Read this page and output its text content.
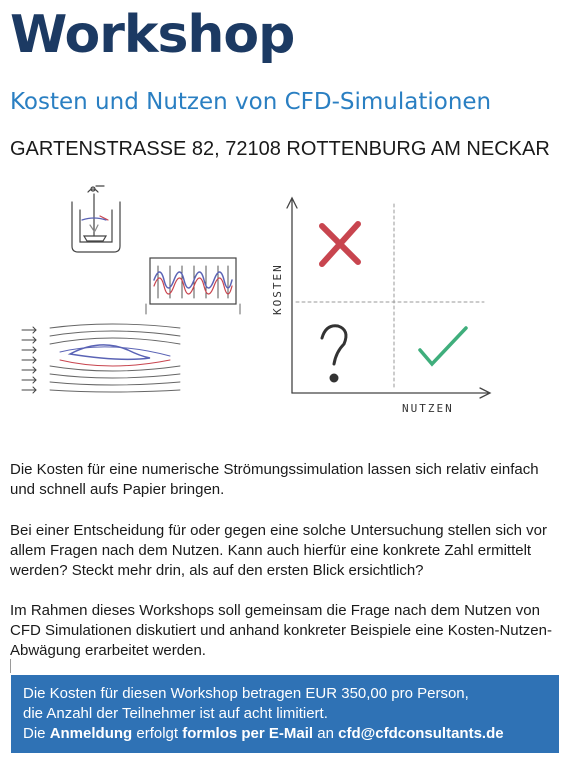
Workshop
Kosten und Nutzen von CFD-Simulationen
GARTENSTRASSE 82, 72108 ROTTENBURG AM NECKAR
KOSTEN
NUTZEN

Die Kosten für eine numerische Strömungssimulation lassen sich relativ einfach und schnell aufs Papier bringen.

Bei einer Entscheidung für oder gegen eine solche Untersuchung stellen sich vor allem Fragen nach dem Nutzen. Kann auch hierfür eine konkrete Zahl ermittelt werden? Steckt mehr drin, als auf den ersten Blick ersichtlich?

Im Rahmen dieses Workshops soll gemeinsam die Frage nach dem Nutzen von CFD Simulationen diskutiert und anhand konkreter Beispiele eine Kosten-Nutzen-Abwägung erarbeitet werden.

Die Kosten für diesen Workshop betragen EUR 350,00 pro Person,
die Anzahl der Teilnehmer ist auf acht limitiert.
Die Anmeldung erfolgt formlos per E-Mail an cfd@cfdconsultants.de
